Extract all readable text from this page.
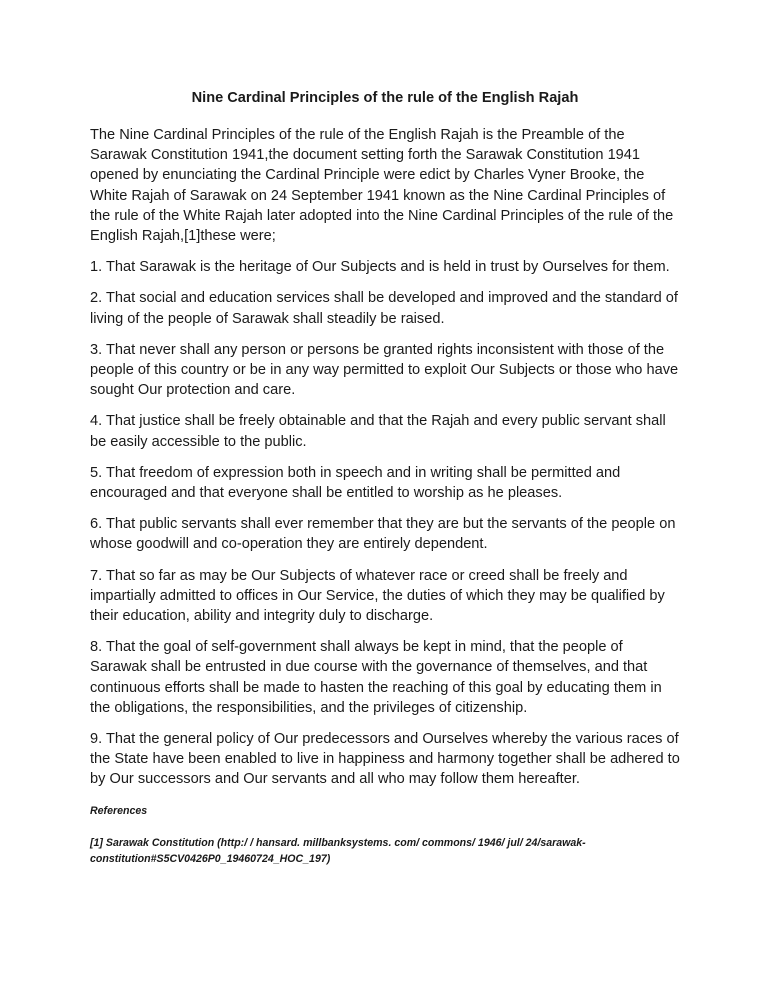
Nine Cardinal Principles of the rule of the English Rajah

The Nine Cardinal Principles of the rule of the English Rajah is the Preamble of the Sarawak Constitution 1941,the document setting forth the Sarawak Constitution 1941 opened by enunciating the Cardinal Principle were edict by Charles Vyner Brooke, the White Rajah of Sarawak on 24 September 1941 known as the Nine Cardinal Principles of the rule of the White Rajah later adopted into the Nine Cardinal Principles of the rule of the English Rajah,[1]these were;

1. That Sarawak is the heritage of Our Subjects and is held in trust by Ourselves for them.

2. That social and education services shall be developed and improved and the standard of living of the people of Sarawak shall steadily be raised.

3. That never shall any person or persons be granted rights inconsistent with those of the people of this country or be in any way permitted to exploit Our Subjects or those who have sought Our protection and care.

4. That justice shall be freely obtainable and that the Rajah and every public servant shall be easily accessible to the public.

5. That freedom of expression both in speech and in writing shall be permitted and encouraged and that everyone shall be entitled to worship as he pleases.

6. That public servants shall ever remember that they are but the servants of the people on whose goodwill and co-operation they are entirely dependent.

7. That so far as may be Our Subjects of whatever race or creed shall be freely and impartially admitted to offices in Our Service, the duties of which they may be qualified by their education, ability and integrity duly to discharge.

8. That the goal of self-government shall always be kept in mind, that the people of Sarawak shall be entrusted in due course with the governance of themselves, and that continuous efforts shall be made to hasten the reaching of this goal by educating them in the obligations, the responsibilities, and the privileges of citizenship.

9. That the general policy of Our predecessors and Ourselves whereby the various races of the State have been enabled to live in happiness and harmony together shall be adhered to by Our successors and Our servants and all who may follow them hereafter.

References

[1] Sarawak Constitution (http:/ / hansard. millbanksystems. com/ commons/ 1946/ jul/ 24/sarawak-constitution#S5CV0426P0_19460724_HOC_197)
